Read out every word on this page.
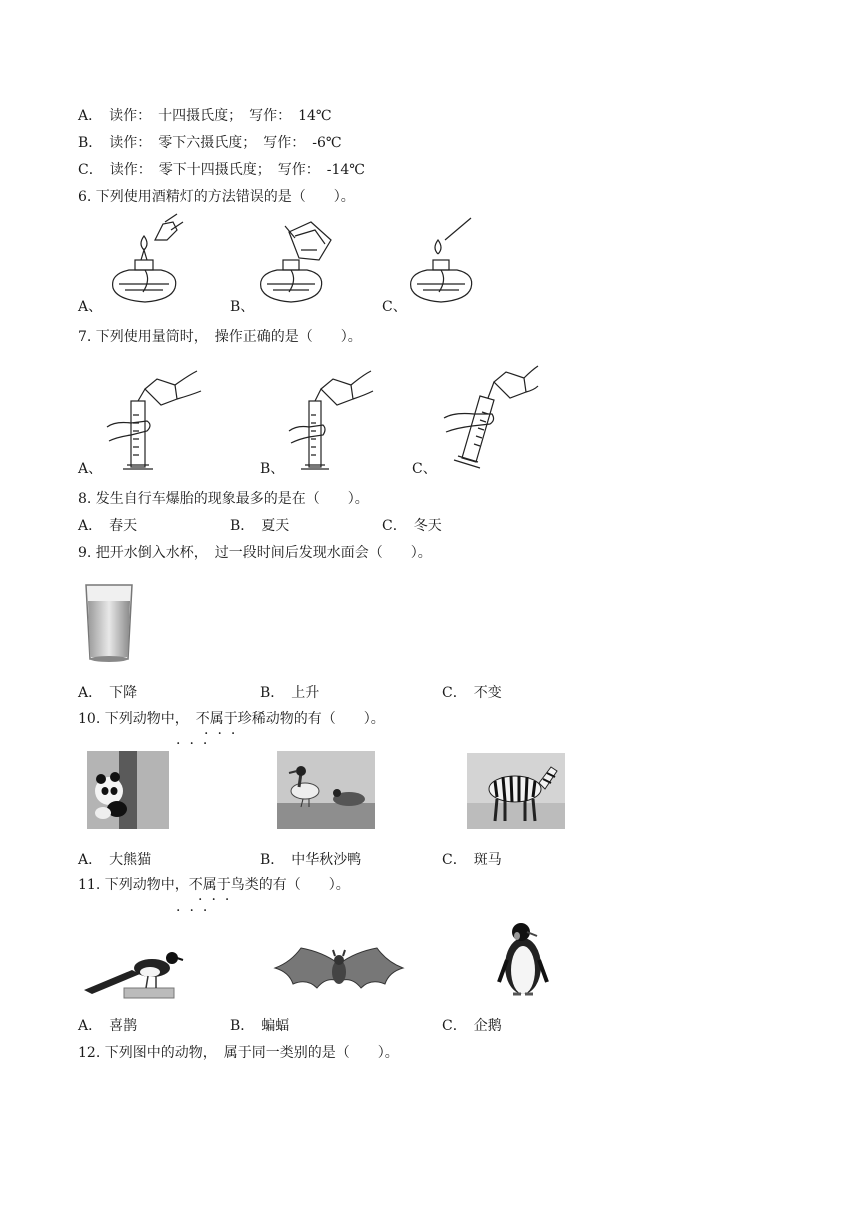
A．　读作：　十四摄氏度；　写作：　14℃
B．　读作：　零下六摄氏度；　写作：　-6℃
C．　读作：　零下十四摄氏度；　写作：　-14℃
6. 下列使用酒精灯的方法错误的是（　　）。
A、	B、	C、
7. 下列使用量筒时，　操作正确的是（　　）。
A、	B、	C、
8. 发生自行车爆胎的现象最多的是在（　　）。
A．　春天	B．　夏天	C．　冬天
9. 把开水倒入水杯，　过一段时间后发现水面会（　　）。
A．　下降	B．　上升	C．　不变
10. 下列动物中，　不属于珍稀动物的有（　　）。
···
···
A．　大熊猫	B．　中华秋沙鸭	C．　斑马
11. 下列动物中，不属于鸟类的有（　　）。
···
···
A．　喜鹊	B．　蝙蝠	C．　企鹅
12. 下列图中的动物，　属于同一类别的是（　　）。
